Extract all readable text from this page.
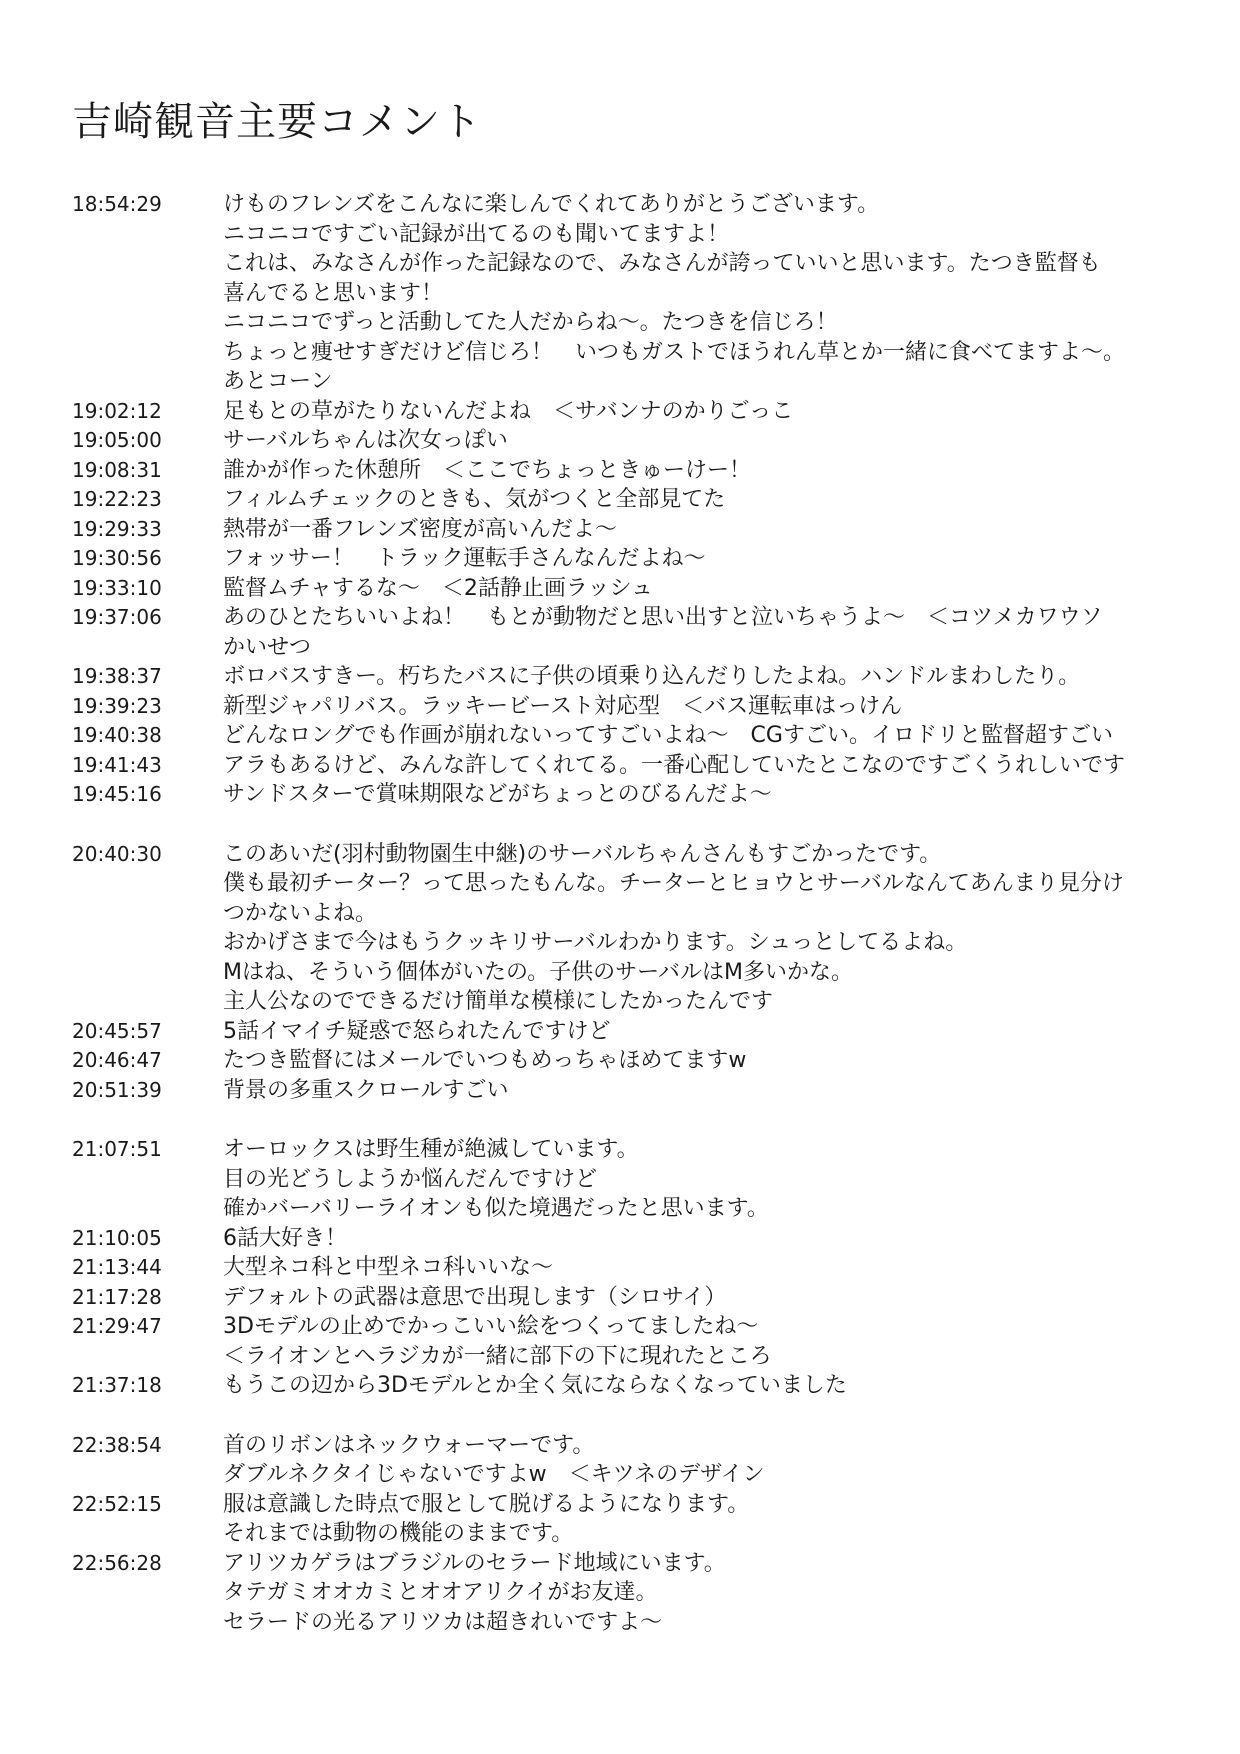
吉崎観音主要コメント
18:54:29	けものフレンズをこんなに楽しんでくれてありがとうございます。
ニコニコですごい記録が出てるのも聞いてますよ！
これは、みなさんが作った記録なので、みなさんが誇っていいと思います。たつき監督も
喜んでると思います！
ニコニコでずっと活動してた人だからね～。たつきを信じろ！
ちょっと痩せすぎだけど信じろ！　いつもガストでほうれん草とか一緒に食べてますよ～。
あとコーン
19:02:12	足もとの草がたりないんだよね　＜サバンナのかりごっこ
19:05:00	サーバルちゃんは次女っぽい
19:08:31	誰かが作った休憩所　＜ここでちょっときゅーけー！
19:22:23	フィルムチェックのときも、気がつくと全部見てた
19:29:33	熱帯が一番フレンズ密度が高いんだよ～
19:30:56	フォッサー！　トラック運転手さんなんだよね～
19:33:10	監督ムチャするな～　＜2話静止画ラッシュ
19:37:06	あのひとたちいいよね！　もとが動物だと思い出すと泣いちゃうよ～　＜コツメカワウソ
かいせつ
19:38:37	ボロバスすきー。朽ちたバスに子供の頃乗り込んだりしたよね。ハンドルまわしたり。
19:39:23	新型ジャパリバス。ラッキービースト対応型　＜バス運転車はっけん
19:40:38	どんなロングでも作画が崩れないってすごいよね～　CGすごい。イロドリと監督超すごい
19:41:43	アラもあるけど、みんな許してくれてる。一番心配していたとこなのですごくうれしいです
19:45:16	サンドスターで賞味期限などがちょっとのびるんだよ～
20:40:30	このあいだ(羽村動物園生中継)のサーバルちゃんさんもすごかったです。
僕も最初チーター？って思ったもんな。チーターとヒョウとサーバルなんてあんまり見分け
つかないよね。
おかげさまで今はもうクッキリサーバルわかります。シュっとしてるよね。
Mはね、そういう個体がいたの。子供のサーバルはM多いかな。
主人公なのでできるだけ簡単な模様にしたかったんです
20:45:57	5話イマイチ疑惑で怒られたんですけど
20:46:47	たつき監督にはメールでいつもめっちゃほめてますw
20:51:39	背景の多重スクロールすごい
21:07:51	オーロックスは野生種が絶滅しています。
目の光どうしようか悩んだんですけど
確かバーバリーライオンも似た境遇だったと思います。
21:10:05	6話大好き！
21:13:44	大型ネコ科と中型ネコ科いいな～
21:17:28	デフォルトの武器は意思で出現します（シロサイ）
21:29:47	3Dモデルの止めでかっこいい絵をつくってましたね～
＜ライオンとヘラジカが一緒に部下の下に現れたところ
21:37:18	もうこの辺から3Dモデルとか全く気にならなくなっていました
22:38:54	首のリボンはネックウォーマーです。
ダブルネクタイじゃないですよw　＜キツネのデザイン
22:52:15	服は意識した時点で服として脱げるようになります。
それまでは動物の機能のままです。
22:56:28	アリツカゲラはブラジルのセラード地域にいます。
タテガミオオカミとオオアリクイがお友達。
セラードの光るアリツカは超きれいですよ～
